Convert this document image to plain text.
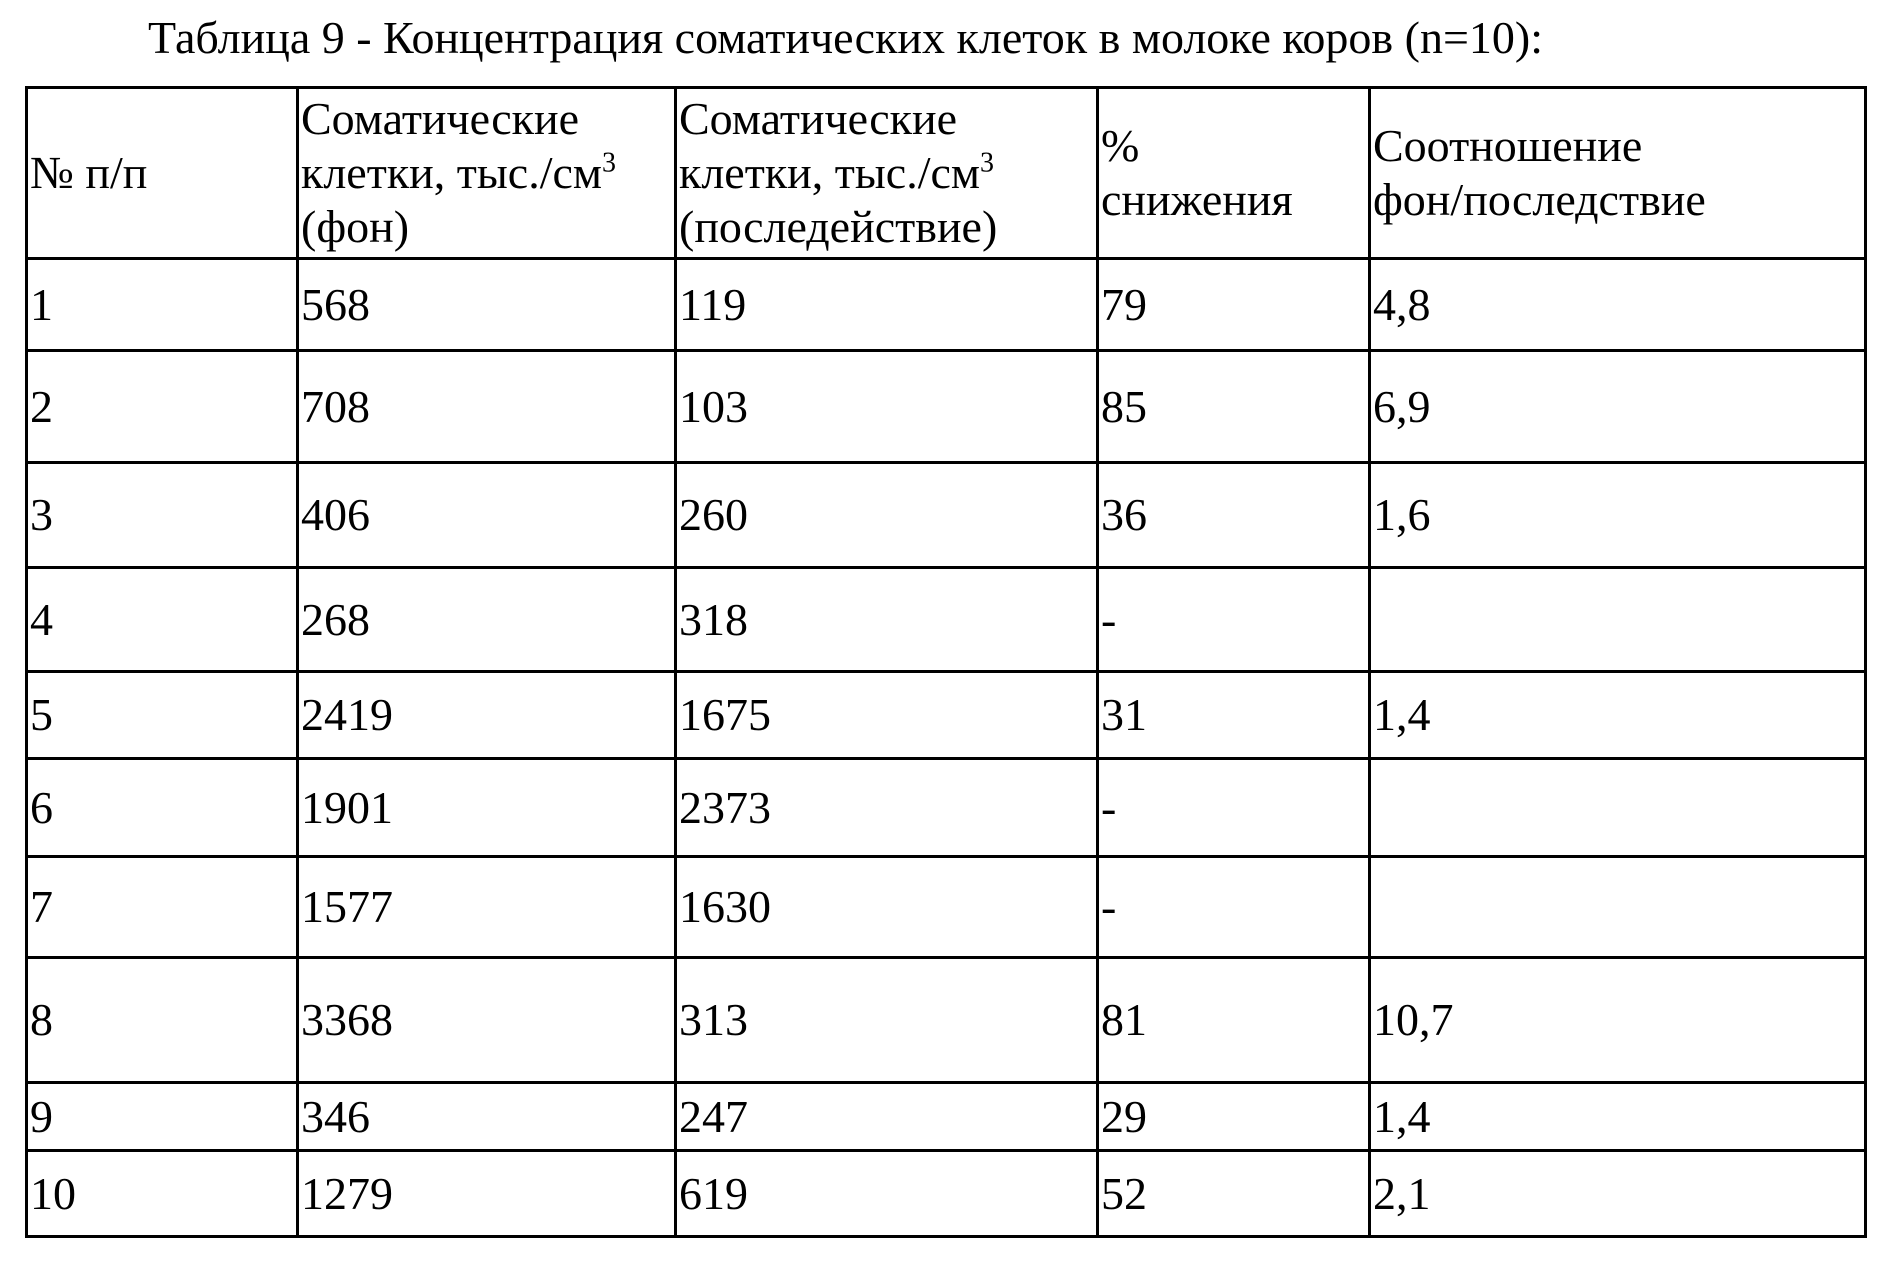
Таблица 9 - Концентрация соматических клеток в молоке коров (n=10):
№ п/п	Соматические
клетки, $тыс./см^3$
(фон)	Соматические
клетки, $тыс./см^3$
(последействие)	%
снижения	Соотношение
фон/последствие
1	568	119	79	4,8
2	708	103	85	6,9
3	406	260	36	1,6
4	268	318	-	
5	2419	1675	31	1,4
6	1901	2373	-	
7	1577	1630	-	
8	3368	313	81	10,7
9	346	247	29	1,4
10	1279	619	52	2,1
